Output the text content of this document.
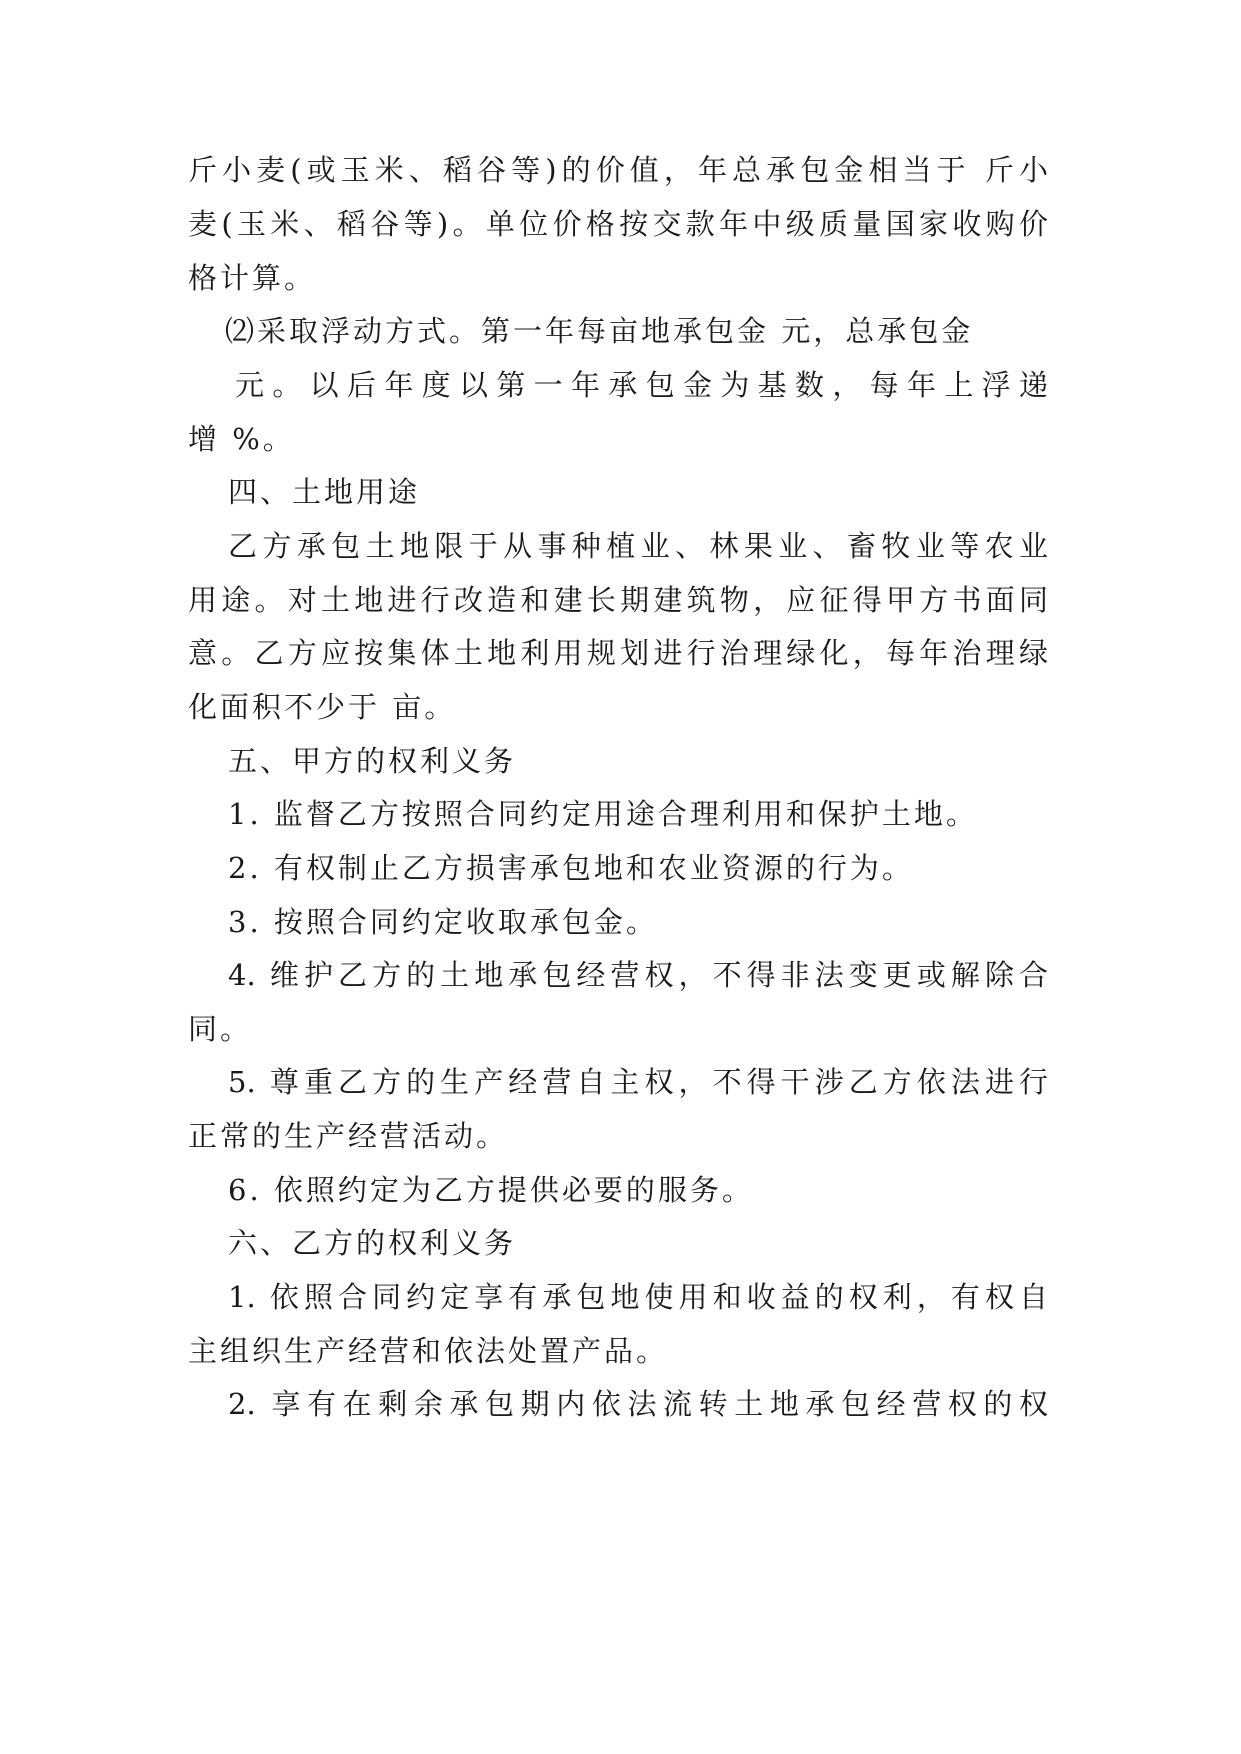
斤小麦(或玉米、稻谷等)的价值，年总承包金相当于 斤小
麦(玉米、稻谷等)。单位价格按交款年中级质量国家收购价
格计算。
⑵采取浮动方式。第一年每亩地承包金 元，总承包金
元。以后年度以第一年承包金为基数，每年上浮递
增 %。
四、土地用途
乙方承包土地限于从事种植业、林果业、畜牧业等农业
用途。对土地进行改造和建长期建筑物，应征得甲方书面同
意。乙方应按集体土地利用规划进行治理绿化，每年治理绿
化面积不少于 亩。
五、甲方的权利义务
1. 监督乙方按照合同约定用途合理利用和保护土地。
2. 有权制止乙方损害承包地和农业资源的行为。
3. 按照合同约定收取承包金。
4. 维护乙方的土地承包经营权，不得非法变更或解除合
同。
5. 尊重乙方的生产经营自主权，不得干涉乙方依法进行
正常的生产经营活动。
6. 依照约定为乙方提供必要的服务。
六、乙方的权利义务
1. 依照合同约定享有承包地使用和收益的权利，有权自
主组织生产经营和依法处置产品。
2. 享有在剩余承包期内依法流转土地承包经营权的权
